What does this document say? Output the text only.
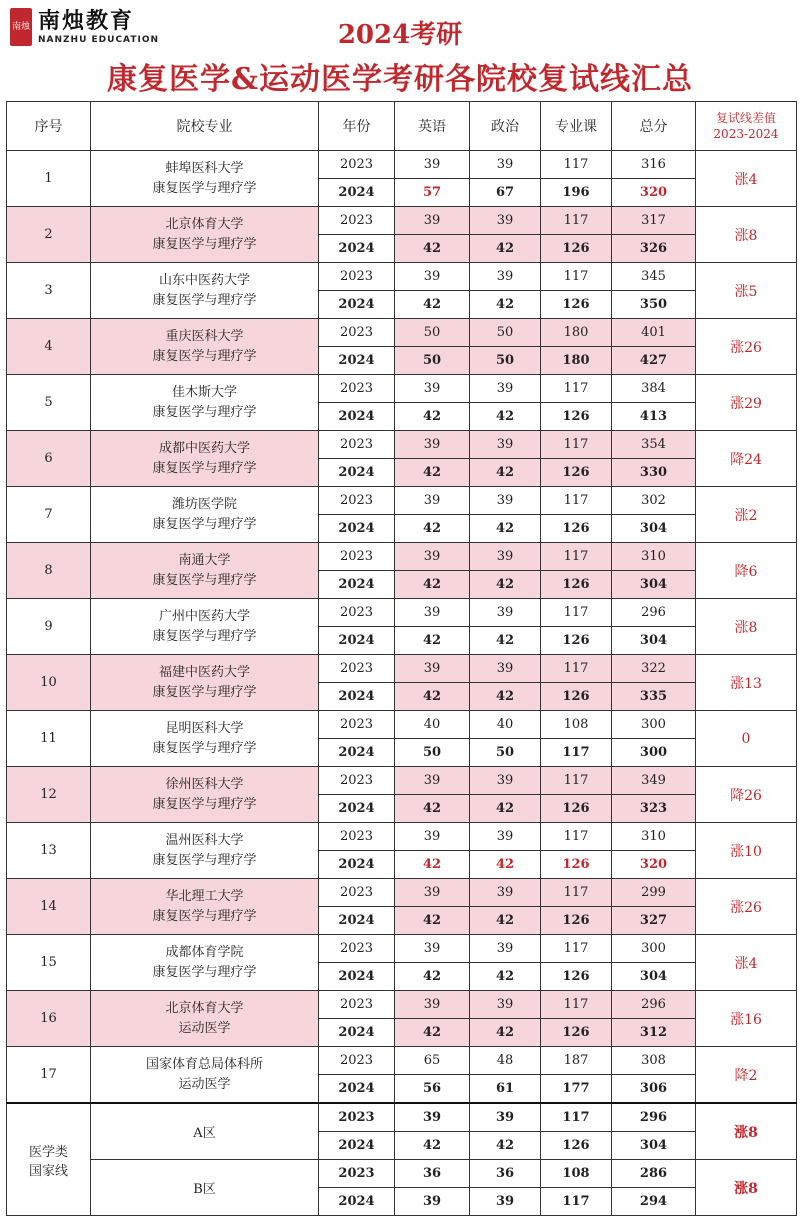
南烛 南烛教育
NANZHU EDUCATION	2024考研
康复医学&运动医学考研各院校复试线汇总
序号	院校专业	年份	英语	政治	专业课	总分	复试线差值
2023-2024
1	蚌埠医科大学
康复医学与理疗学	2023	39	39	117	316	涨4
		2024	57	67	196	320	
2	北京体育大学
康复医学与理疗学	2023	39	39	117	317	涨8
		2024	42	42	126	326	
3	山东中医药大学
康复医学与理疗学	2023	39	39	117	345	涨5
		2024	42	42	126	350	
4	重庆医科大学
康复医学与理疗学	2023	50	50	180	401	涨26
		2024	50	50	180	427	
5	佳木斯大学
康复医学与理疗学	2023	39	39	117	384	涨29
		2024	42	42	126	413	
6	成都中医药大学
康复医学与理疗学	2023	39	39	117	354	降24
		2024	42	42	126	330	
7	潍坊医学院
康复医学与理疗学	2023	39	39	117	302	涨2
		2024	42	42	126	304	
8	南通大学
康复医学与理疗学	2023	39	39	117	310	降6
		2024	42	42	126	304	
9	广州中医药大学
康复医学与理疗学	2023	39	39	117	296	涨8
		2024	42	42	126	304	
10	福建中医药大学
康复医学与理疗学	2023	39	39	117	322	涨13
		2024	42	42	126	335	
11	昆明医科大学
康复医学与理疗学	2023	40	40	108	300	0
		2024	50	50	117	300	
12	徐州医科大学
康复医学与理疗学	2023	39	39	117	349	降26
		2024	42	42	126	323	
13	温州医科大学
康复医学与理疗学	2023	39	39	117	310	涨10
		2024	42	42	126	320	
14	华北理工大学
康复医学与理疗学	2023	39	39	117	299	涨26
		2024	42	42	126	327	
15	成都体育学院
康复医学与理疗学	2023	39	39	117	300	涨4
		2024	42	42	126	304	
16	北京体育大学
运动医学	2023	39	39	117	296	涨16
		2024	42	42	126	312	
17	国家体育总局体科所
运动医学	2023	65	48	187	308	降2
		2024	56	61	177	306	
医学类
国家线	A区	2023	39	39	117	296	涨8
		2024	42	42	126	304	
	B区	2023	36	36	108	286	涨8
		2024	39	39	117	294	
